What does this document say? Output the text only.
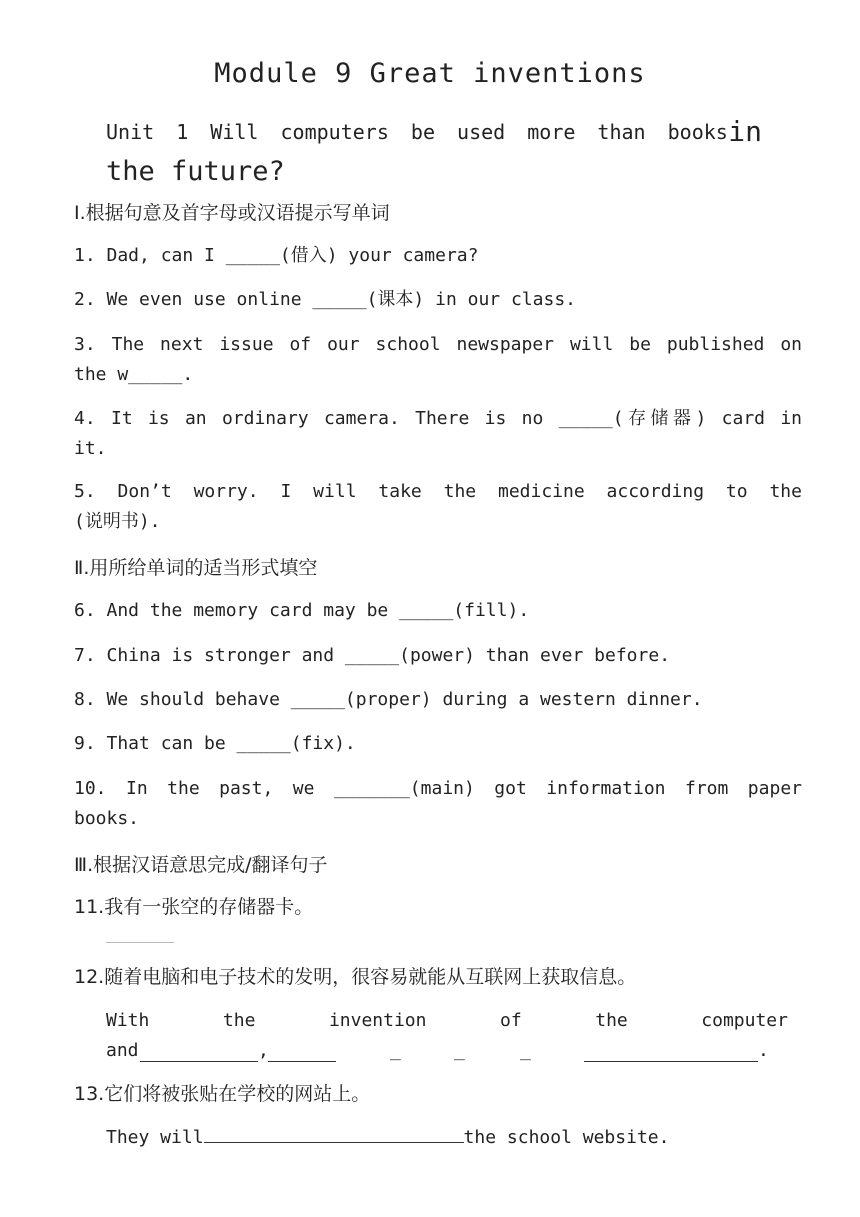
Module 9 Great inventions
Unit 1 Will computers be used more than books in
the future?
Ⅰ.根据句意及首字母或汉语提示写单词
1. Dad, can I _____(借入) your camera?
2. We even use online _____(课本) in our class.
3. The next issue of our school newspaper will be published on
the w_____.
4. It is an ordinary camera. There is no _____(存储器) card in
it.
5. Don’t worry. I will take the medicine according to the
(说明书).
Ⅱ.用所给单词的适当形式填空
6. And the memory card may be _____(fill).
7. China is stronger and _____(power) than ever before.
8. We should behave _____(proper) during a western dinner.
9. That can be _____(fix).
10. In the past, we _______(main) got information from paper
books.
Ⅲ.根据汉语意思完成/翻译句子
11.我有一张空的存储器卡。
12.随着电脑和电子技术的发明，很容易就能从互联网上获取信息。
With	the	invention	of	the	computer
and	,	_	_	_	.
13.它们将被张贴在学校的网站上。
They will	the school website.
